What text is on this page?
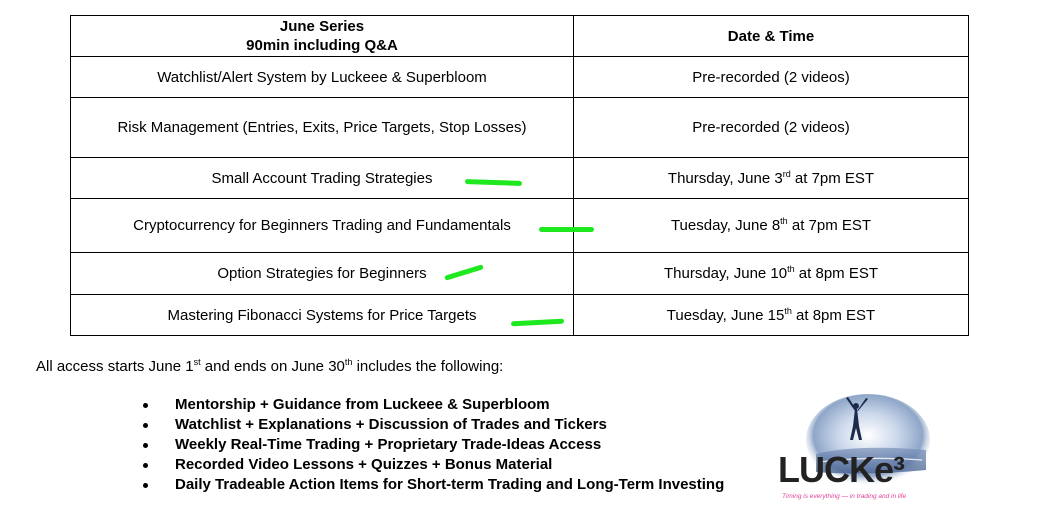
June Series
90min including Q&A	Date & Time
Watchlist/Alert System by Luckeee & Superbloom	Pre-recorded (2 videos)
Risk Management (Entries, Exits, Price Targets, Stop Losses)	Pre-recorded (2 videos)
Small Account Trading Strategies	Thursday, June 3rd at 7pm EST
Cryptocurrency for Beginners Trading and Fundamentals	Tuesday, June 8th at 7pm EST
Option Strategies for Beginners	Thursday, June 10th at 8pm EST
Mastering Fibonacci Systems for Price Targets	Tuesday, June 15th at 8pm EST
All access starts June 1st and ends on June 30th includes the following:
Mentorship + Guidance from Luckeee & Superbloom
Watchlist + Explanations + Discussion of Trades and Tickers
Weekly Real-Time Trading + Proprietary Trade-Ideas Access
Recorded Video Lessons + Quizzes + Bonus Material
Daily Tradeable Action Items for Short-term Trading and Long-Term Investing LUCKe³
Timing is everything — in trading and in life
